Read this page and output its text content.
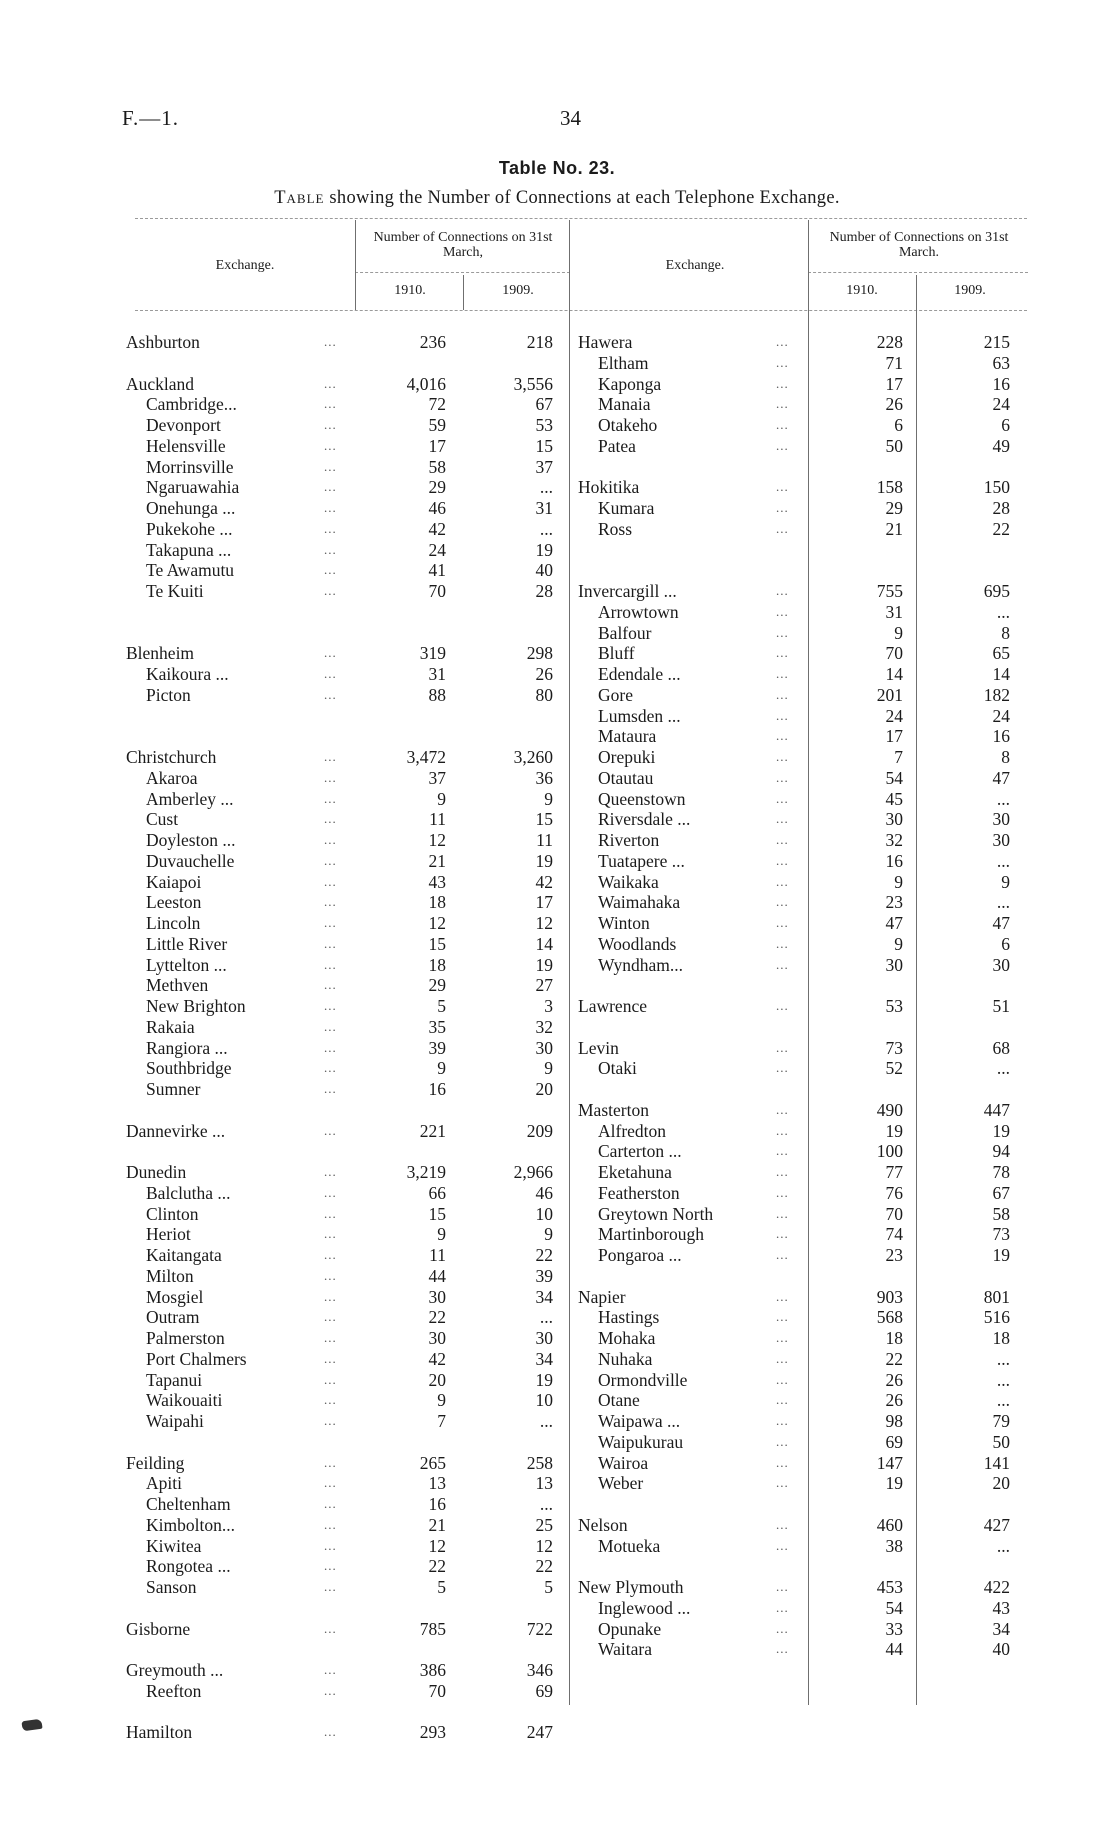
F.—1.	34
Table No. 23.
Table showing the Number of Connections at each Telephone Exchange.
Exchange.
Number of Connections on 31st March,
1910.	1909.
Exchange.
Number of Connections on 31st March.
1910.	1909.
Ashburton	...	236	218
Auckland	...	4,016	3,556
Cambridge...	...	72	67
Devonport	...	59	53
Helensville	...	17	15
Morrinsville	...	58	37
Ngaruawahia	...	29	...
Onehunga ...	...	46	31
Pukekohe ...	...	42	...
Takapuna ...	...	24	19
Te Awamutu	...	41	40
Te Kuiti	...	70	28
Blenheim	...	319	298
Kaikoura ...	...	31	26
Picton	...	88	80
Christchurch	...	3,472	3,260
Akaroa	...	37	36
Amberley ...	...	9	9
Cust	...	11	15
Doyleston ...	...	12	11
Duvauchelle	...	21	19
Kaiapoi	...	43	42
Leeston	...	18	17
Lincoln	...	12	12
Little River	...	15	14
Lyttelton ...	...	18	19
Methven	...	29	27
New Brighton	...	5	3
Rakaia	...	35	32
Rangiora ...	...	39	30
Southbridge	...	9	9
Sumner	...	16	20
Dannevirke ...	...	221	209
Dunedin	...	3,219	2,966
Balclutha ...	...	66	46
Clinton	...	15	10
Heriot	...	9	9
Kaitangata	...	11	22
Milton	...	44	39
Mosgiel	...	30	34
Outram	...	22	...
Palmerston	...	30	30
Port Chalmers	...	42	34
Tapanui	...	20	19
Waikouaiti	...	9	10
Waipahi	...	7	...
Feilding	...	265	258
Apiti	...	13	13
Cheltenham	...	16	...
Kimbolton...	...	21	25
Kiwitea	...	12	12
Rongotea ...	...	22	22
Sanson	...	5	5
Gisborne	...	785	722
Greymouth ...	...	386	346
Reefton	...	70	69
Hamilton	...	293	247
Hawera	...	228	215
Eltham	...	71	63
Kaponga	...	17	16
Manaia	...	26	24
Otakeho	...	6	6
Patea	...	50	49
Hokitika	...	158	150
Kumara	...	29	28
Ross	...	21	22
Invercargill ...	...	755	695
Arrowtown	...	31	...
Balfour	...	9	8
Bluff	...	70	65
Edendale ...	...	14	14
Gore	...	201	182
Lumsden ...	...	24	24
Mataura	...	17	16
Orepuki	...	7	8
Otautau	...	54	47
Queenstown	...	45	...
Riversdale ...	...	30	30
Riverton	...	32	30
Tuatapere ...	...	16	...
Waikaka	...	9	9
Waimahaka	...	23	...
Winton	...	47	47
Woodlands	...	9	6
Wyndham...	...	30	30
Lawrence	...	53	51
Levin	...	73	68
Otaki	...	52	...
Masterton	...	490	447
Alfredton	...	19	19
Carterton ...	...	100	94
Eketahuna	...	77	78
Featherston	...	76	67
Greytown North	...	70	58
Martinborough	...	74	73
Pongaroa ...	...	23	19
Napier	...	903	801
Hastings	...	568	516
Mohaka	...	18	18
Nuhaka	...	22	...
Ormondville	...	26	...
Otane	...	26	...
Waipawa ...	...	98	79
Waipukurau	...	69	50
Wairoa	...	147	141
Weber	...	19	20
Nelson	...	460	427
Motueka	...	38	...
New Plymouth	...	453	422
Inglewood ...	...	54	43
Opunake	...	33	34
Waitara	...	44	40
